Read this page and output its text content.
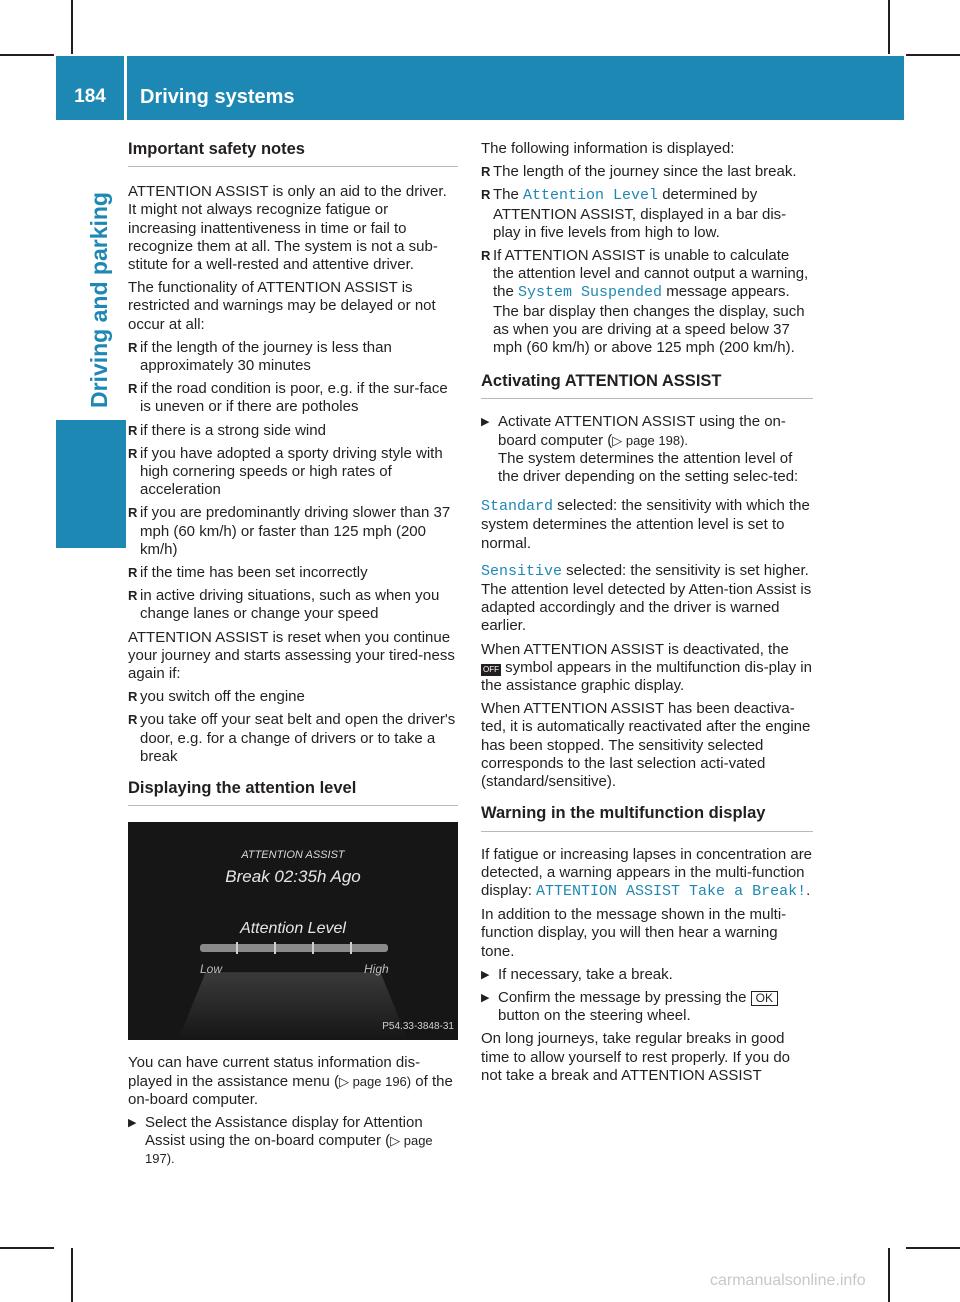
184	Driving systems
Driving and parking
Important safety notes

ATTENTION ASSIST is only an aid to the driver. It might not always recognize fatigue or increasing inattentiveness in time or fail to recognize them at all. The system is not a sub-stitute for a well-rested and attentive driver.

The functionality of ATTENTION ASSIST is restricted and warnings may be delayed or not occur at all:

R if the length of the journey is less than approximately 30 minutes
R if the road condition is poor, e.g. if the sur-face is uneven or if there are potholes
R if there is a strong side wind
R if you have adopted a sporty driving style with high cornering speeds or high rates of acceleration
R if you are predominantly driving slower than 37 mph (60 km/h) or faster than 125 mph (200 km/h)
R if the time has been set incorrectly
R in active driving situations, such as when you change lanes or change your speed

ATTENTION ASSIST is reset when you continue your journey and starts assessing your tired-ness again if:

R you switch off the engine
R you take off your seat belt and open the driver's door, e.g. for a change of drivers or to take a break
Displaying the attention level
ATTENTION ASSIST
Break 02:35h Ago
Attention Level
Low	High
P54.33-3848-31

You can have current status information dis-played in the assistance menu (▷ page 196) of the on-board computer.

▶ Select the Assistance display for Attention Assist using the on-board computer (▷ page 197).

The following information is displayed:

R The length of the journey since the last break.
R The Attention Level determined by ATTENTION ASSIST, displayed in a bar dis-play in five levels from high to low.
R If ATTENTION ASSIST is unable to calculate the attention level and cannot output a warning, the System Suspended message appears. The bar display then changes the display, such as when you are driving at a speed below 37 mph (60 km/h) or above 125 mph (200 km/h).
Activating ATTENTION ASSIST
▶ Activate ATTENTION ASSIST using the on-board computer (▷ page 198).
The system determines the attention level of the driver depending on the setting selec-ted:

Standard selected: the sensitivity with which the system determines the attention level is set to normal.

Sensitive selected: the sensitivity is set higher. The attention level detected by Atten-tion Assist is adapted accordingly and the driver is warned earlier.

When ATTENTION ASSIST is deactivated, the OFF symbol appears in the multifunction dis-play in the assistance graphic display.

When ATTENTION ASSIST has been deactiva-ted, it is automatically reactivated after the engine has been stopped. The sensitivity selected corresponds to the last selection acti-vated (standard/sensitive).

Warning in the multifunction display

If fatigue or increasing lapses in concentration are detected, a warning appears in the multi-function display: ATTENTION ASSIST Take a Break!.

In addition to the message shown in the multi-function display, you will then hear a warning tone.

▶ If necessary, take a break.
▶ Confirm the message by pressing the OK button on the steering wheel.

On long journeys, take regular breaks in good time to allow yourself to rest properly. If you do not take a break and ATTENTION ASSIST

carmanualsonline.info
